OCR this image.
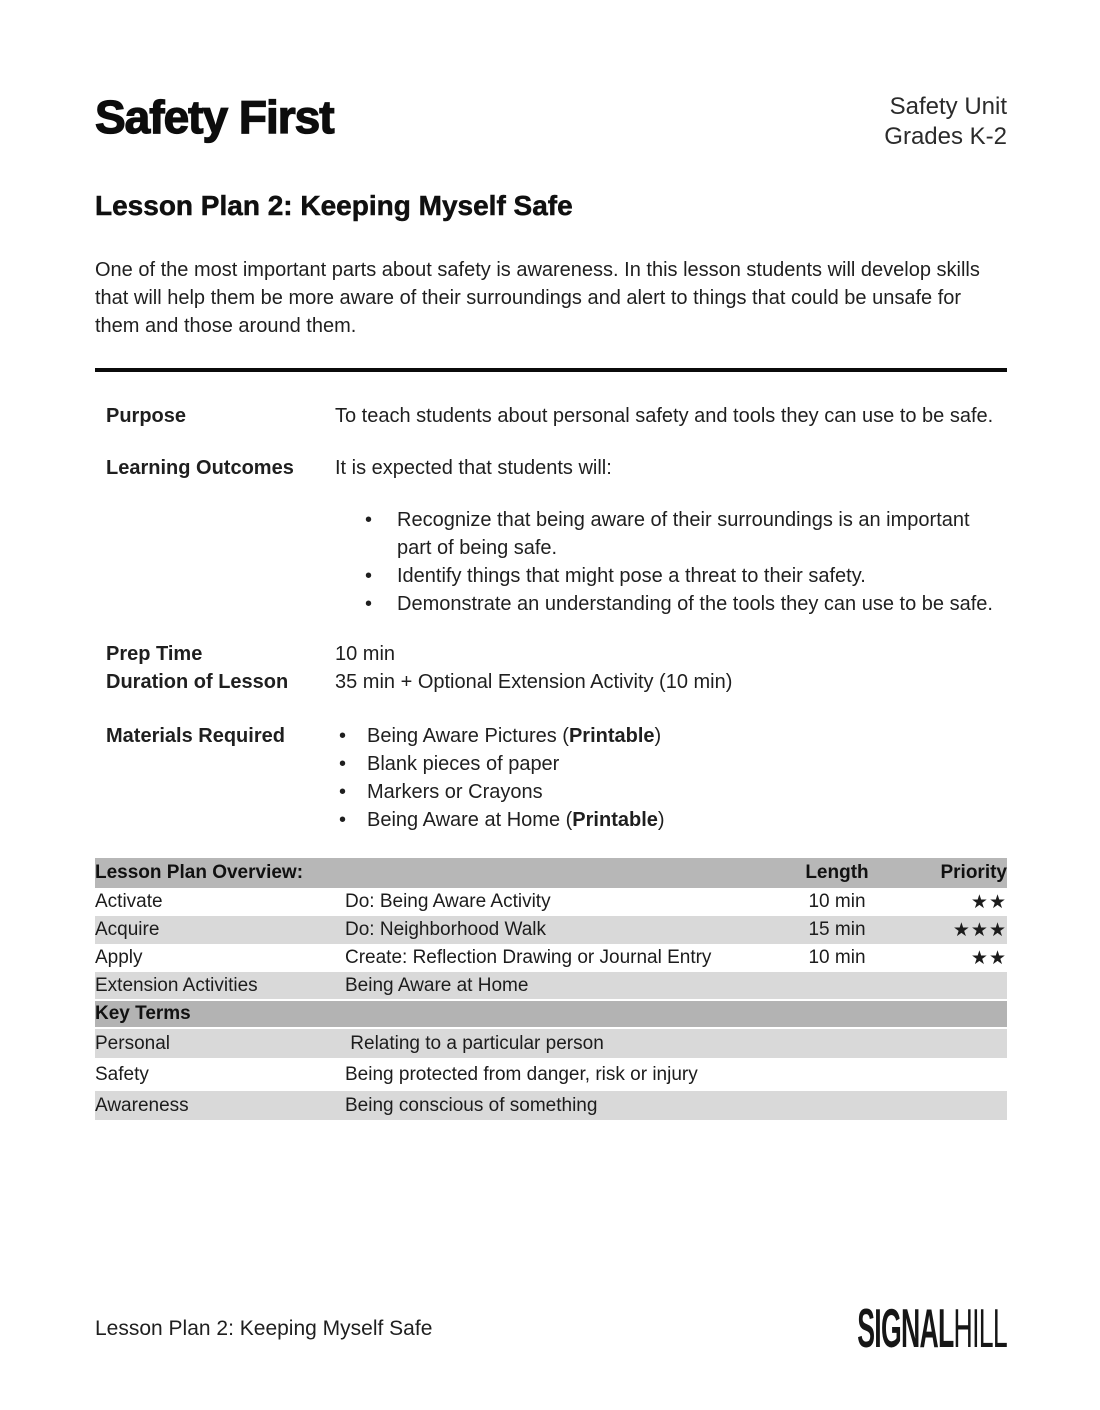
Safety First	Safety Unit
Grades K-2
Lesson Plan 2: Keeping Myself Safe
One of the most important parts about safety is awareness. In this lesson students will develop skills that will help them be more aware of their surroundings and alert to things that could be unsafe for them and those around them.
Purpose	To teach students about personal safety and tools they can use to be safe.
Learning Outcomes	It is expected that students will:
•
Recognize that being aware of their surroundings is an important part of being safe.
•
Identify things that might pose a threat to their safety.
•
Demonstrate an understanding of the tools they can use to be safe.
Prep Time	10 min
Duration of Lesson	35 min + Optional Extension Activity (10 min)
Materials Required •	Being Aware Pictures (Printable)
•
Blank pieces of paper
•
Markers or Crayons
•
Being Aware at Home (Printable)
Lesson Plan Overview:		Length	Priority
Activate	Do: Being Aware Activity	10 min	★★
Acquire	Do: Neighborhood Walk	15 min	★★★
Apply	Create: Reflection Drawing or Journal Entry	10 min	★★
Extension Activities	Being Aware at Home		
Key Terms			
Personal	Relating to a particular person		
Safety	Being protected from danger, risk or injury		
Awareness	Being conscious of something		
Lesson Plan 2: Keeping Myself Safe	SIGNALHILL
